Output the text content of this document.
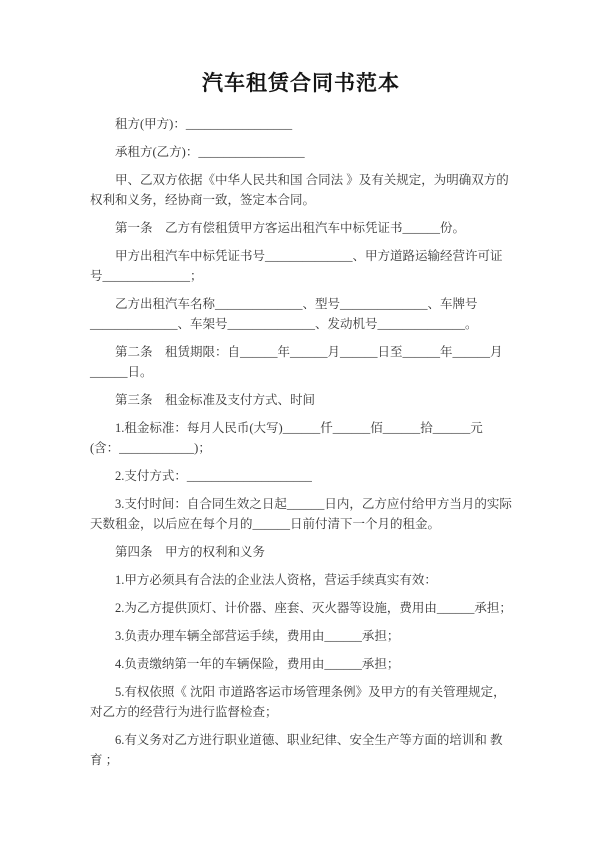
汽车租赁合同书范本

租方(甲方)：_________________

承租方(乙方)：_________________

甲、乙双方依据《中华人民共和国 合同法 》及有关规定，为明确双方的权利和义务，经协商一致，签定本合同。

第一条　乙方有偿租赁甲方客运出租汽车中标凭证书______份。

甲方出租汽车中标凭证书号______________、甲方道路运输经营许可证号______________；

乙方出租汽车名称______________、型号______________、车牌号______________、车架号______________、发动机号______________。

第二条　租赁期限：自______年______月______日至______年______月______日。

第三条　租金标准及支付方式、时间

1.租金标准：每月人民币(大写)______仟______佰______拾______元 (含：____________)；

2.支付方式：____________________

3.支付时间：自合同生效之日起______日内，乙方应付给甲方当月的实际天数租金，以后应在每个月的______日前付清下一个月的租金。

第四条　甲方的权利和义务

1.甲方必须具有合法的企业法人资格，营运手续真实有效：

2.为乙方提供顶灯、计价器、座套、灭火器等设施，费用由______承担；

3.负责办理车辆全部营运手续，费用由______承担；

4.负责缴纳第一年的车辆保险，费用由______承担；

5.有权依照《 沈阳 市道路客运市场管理条例》及甲方的有关管理规定，对乙方的经营行为进行监督检查；

6.有义务对乙方进行职业道德、职业纪律、安全生产等方面的培训和 教育 ；
